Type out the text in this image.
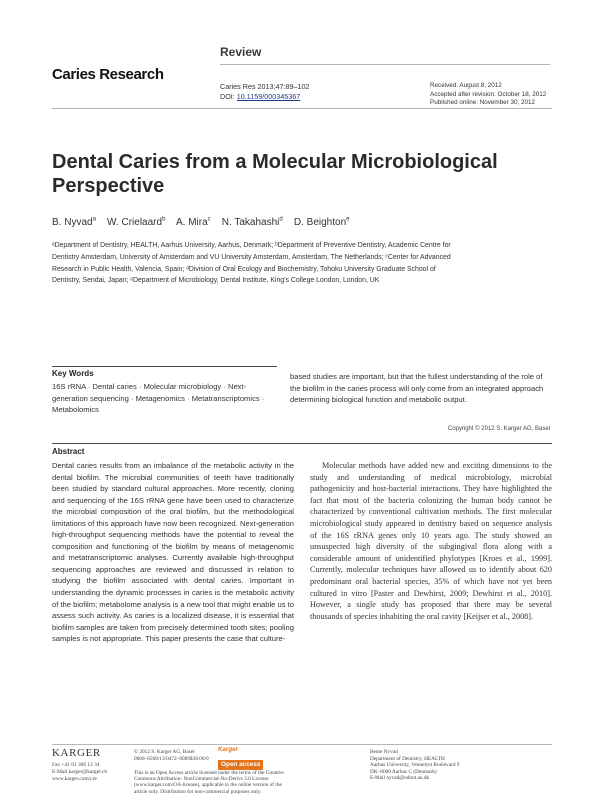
Review
Caries Research
Caries Res 2013;47:89–102
DOI: 10.1159/000345367
Received: August 8, 2012
Accepted after revision: October 18, 2012
Published online: November 30, 2012
Dental Caries from a Molecular Microbiological Perspective
B. Nyvad$^a$ W. Crielaard$^b$ A. Mira$^c$ N. Takahashi$^d$ D. Beighton$^e$
ᵃDepartment of Dentistry, HEALTH, Aarhus University, Aarhus, Denmark; ᵇDepartment of Preventive Dentistry, Academic Centre for Dentistry Amsterdam, University of Amsterdam and VU University Amsterdam, Amsterdam, The Netherlands; ᶜCenter for Advanced Research in Public Health, Valencia, Spain; ᵈDivision of Oral Ecology and Biochemistry, Tohoku University Graduate School of Dentistry, Sendai, Japan; ᵉDepartment of Microbiology, Dental Institute, King’s College London, London, UK
Key Words
16S rRNA · Dental caries · Molecular microbiology · Next-generation sequencing · Metagenomics · Metatranscriptomics · Metabolomics
based studies are important, but that the fullest understanding of the role of the biofilm in the caries process will only come from an integrated approach determining biological function and metabolic output.
Copyright © 2012 S. Karger AG, Basel
Abstract
Dental caries results from an imbalance of the metabolic activity in the dental biofilm. The microbial communities of teeth have traditionally been studied by standard cultural approaches. More recently, cloning and sequencing of the 16S rRNA gene have been used to characterize the microbial composition of the oral biofilm, but the methodological limitations of this approach have now been recognized. Next-generation high-throughput sequencing methods have the potential to reveal the composition and functioning of the biofilm by means of metagenomic and metatranscriptomic analyses. Currently available high-throughput sequencing approaches are reviewed and discussed in relation to studying the biofilm associated with dental caries. Important in understanding the dynamic processes in caries is the metabolic activity of the biofilm; metabolome analysis is a new tool that might enable us to assess such activity. As caries is a localized disease, it is essential that biofilm samples are taken from precisely determined tooth sites; pooling samples is not appropriate. This paper presents the case that culture-

Molecular methods have added new and exciting dimensions to the study and understanding of medical microbiology, microbial pathogenicity and host-bacterial interactions. They have highlighted the fact that most of the bacteria colonizing the human body cannot be characterized by conventional cultivation methods. The first molecular microbiological study appeared in dentistry based on sequence analysis of the 16S rRNA genes only 10 years ago. The study showed an unsuspected high diversity of the subgingival flora along with a considerable amount of unidentified phylotypes [Kroes et al., 1999]. Currently, molecular techniques have allowed us to identify about 620 predominant oral bacterial species, 35% of which have not yet been cultured in vitro [Paster and Dewhirst, 2009; Dewhirst et al., 2010]. However, a single study has proposed that there may be several thousands of species inhabiting the oral cavity [Keijser et al., 2008].

KARGER
Fax +41 61 306 12 34
E-Mail karger@karger.ch
www.karger.com/cre
© 2012 S. Karger AG, Basel
0008–6568/13/0472–0089$38.00/0
Karger
Open access
This is an Open Access article licensed under the terms of the Creative Commons Attribution- NonCommercial-No-Derivs 3.0 License (www.karger.com/OA-license), applicable to the online version of the article only. Distribution for non-commercial purposes only.
Bente Nyvad
Department of Dentistry, HEALTH
Aarhus University, Vennelyst Boulevard 9
DK–8000 Aarhus C (Denmark)
E-Mail nyvad@odont.au.dk
